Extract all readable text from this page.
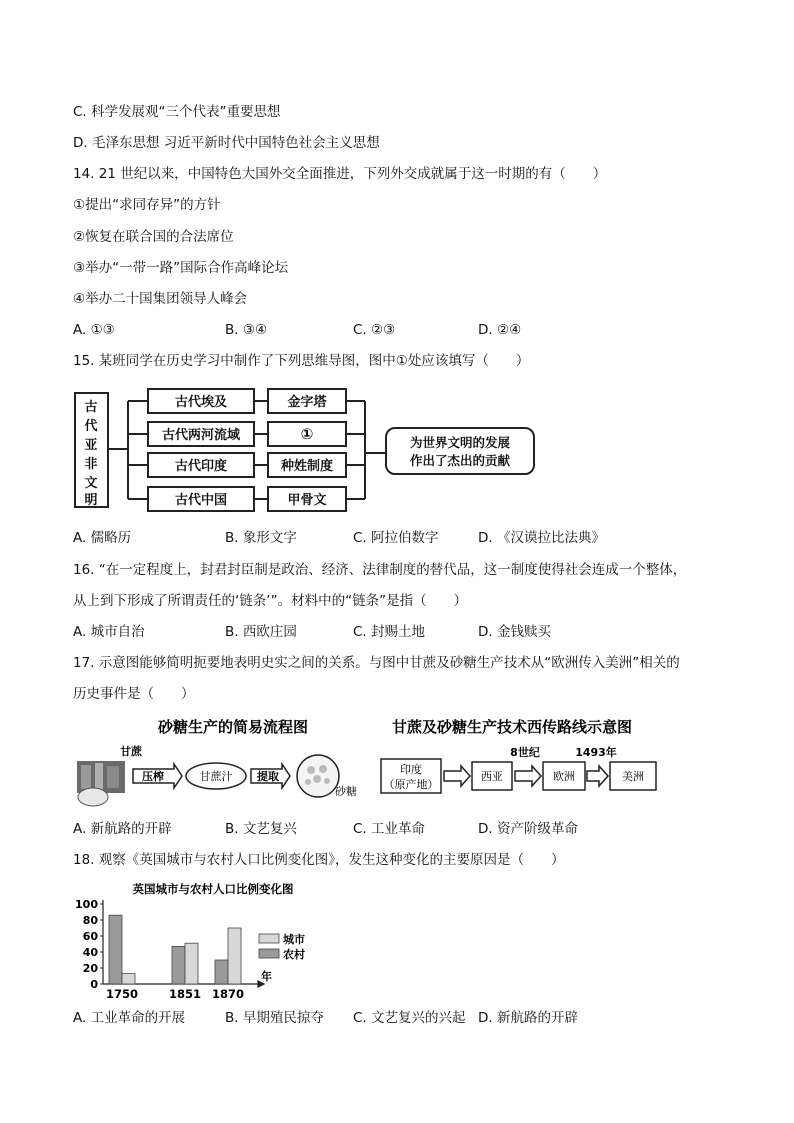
C. 科学发展观“三个代表”重要思想
D. 毛泽东思想 习近平新时代中国特色社会主义思想
14. 21 世纪以来，中国特色大国外交全面推进，下列外交成就属于这一时期的有（　　）
①提出“求同存异”的方针
②恢复在联合国的合法席位
③举办“一带一路”国际合作高峰论坛
④举办二十国集团领导人峰会
A. ①③	B. ③④	C. ②③	D. ②④
15. 某班同学在历史学习中制作了下列思维导图，图中①处应该填写（　　）
古
代
亚
非
文
明
古代埃及
古代两河流域
古代印度
古代中国
金字塔
①
种姓制度
甲骨文
为世界文明的发展
作出了杰出的贡献
A. 儒略历	B. 象形文字	C. 阿拉伯数字	D. 《汉谟拉比法典》
16. “在一定程度上，封君封臣制是政治、经济、法律制度的替代品，这一制度使得社会连成一个整体，
从上到下形成了所谓责任的‘链条’”。材料中的“链条”是指（　　）
A. 城市自治	B. 西欧庄园	C. 封赐土地	D. 金钱赎买
17. 示意图能够简明扼要地表明史实之间的关系。与图中甘蔗及砂糖生产技术从“欧洲传入美洲”相关的
历史事件是（　　）
砂糖生产的简易流程图
甘蔗
压榨	甘蔗汁 提取
砂糖
甘蔗及砂糖生产技术西传路线示意图
印度
（原产地）
西亚	欧洲	美洲
8世纪	1493年
A. 新航路的开辟	B. 文艺复兴	C. 工业革命	D. 资产阶级革命
18. 观察《英国城市与农村人口比例变化图》，发生这种变化的主要原因是（　　）
英国城市与农村人口比例变化图
0
20
40
60
80
100
年
1750	1851 1870
城市
农村
A. 工业革命的开展	B. 早期殖民掠夺 C. 文艺复兴的兴起 D. 新航路的开辟
